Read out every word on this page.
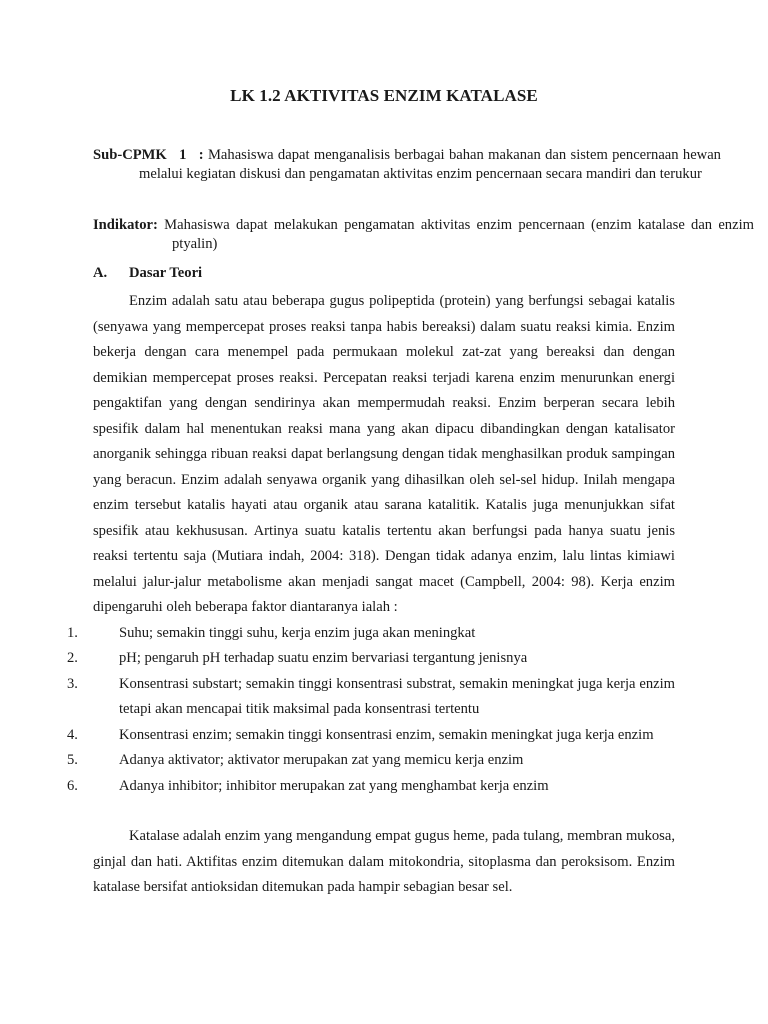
LK 1.2 AKTIVITAS ENZIM KATALASE
Sub-CPMK 1 : Mahasiswa dapat menganalisis berbagai bahan makanan dan sistem pencernaan hewan melalui kegiatan diskusi dan pengamatan aktivitas enzim pencernaan secara mandiri dan terukur
Indikator: Mahasiswa dapat melakukan pengamatan aktivitas enzim pencernaan (enzim katalase dan enzim ptyalin)
A. Dasar Teori

Enzim adalah satu atau beberapa gugus polipeptida (protein) yang berfungsi sebagai katalis (senyawa yang mempercepat proses reaksi tanpa habis bereaksi) dalam suatu reaksi kimia. Enzim bekerja dengan cara menempel pada permukaan molekul zat-zat yang bereaksi dan dengan demikian mempercepat proses reaksi. Percepatan reaksi terjadi karena enzim menurunkan energi pengaktifan yang dengan sendirinya akan mempermudah reaksi. Enzim berperan secara lebih spesifik dalam hal menentukan reaksi mana yang akan dipacu dibandingkan dengan katalisator anorganik sehingga ribuan reaksi dapat berlangsung dengan tidak menghasilkan produk sampingan yang beracun. Enzim adalah senyawa organik yang dihasilkan oleh sel-sel hidup. Inilah mengapa enzim tersebut katalis hayati atau organik atau sarana katalitik. Katalis juga menunjukkan sifat spesifik atau kekhususan. Artinya suatu katalis tertentu akan berfungsi pada hanya suatu jenis reaksi tertentu saja (Mutiara indah, 2004: 318). Dengan tidak adanya enzim, lalu lintas kimiawi melalui jalur-jalur metabolisme akan menjadi sangat macet (Campbell, 2004: 98). Kerja enzim dipengaruhi oleh beberapa faktor diantaranya ialah :

1.	Suhu; semakin tinggi suhu, kerja enzim juga akan meningkat
2.	pH; pengaruh pH terhadap suatu enzim bervariasi tergantung jenisnya
3.	Konsentrasi substart; semakin tinggi konsentrasi substrat, semakin meningkat juga kerja enzim tetapi akan mencapai titik maksimal pada konsentrasi tertentu
4.	Konsentrasi enzim; semakin tinggi konsentrasi enzim, semakin meningkat juga kerja enzim
5.	Adanya aktivator; aktivator merupakan zat yang memicu kerja enzim
6.	Adanya inhibitor; inhibitor merupakan zat yang menghambat kerja enzim

Katalase adalah enzim yang mengandung empat gugus heme, pada tulang, membran mukosa, ginjal dan hati. Aktifitas enzim ditemukan dalam mitokondria, sitoplasma dan peroksisom. Enzim katalase bersifat antioksidan ditemukan pada hampir sebagian besar sel.
